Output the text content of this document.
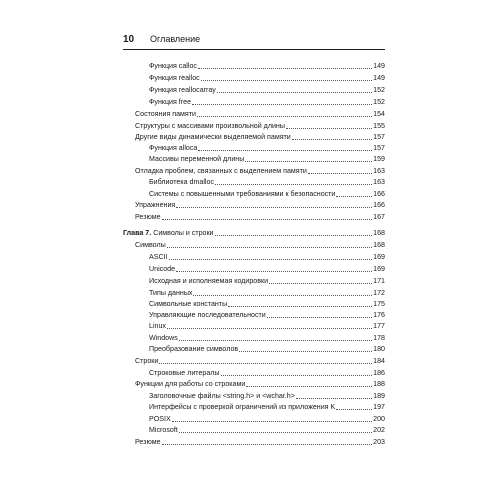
10 Оглавление
Функция calloc	149
Функция realloc	149
Функция reallocarray	152
Функция free	152
Состояния памяти	154
Структуры с массивами произвольной длины	155
Другие виды динамически выделяемой памяти	157
Функция alloca	157
Массивы переменной длины	159
Отладка проблем, связанных с выделением памяти	163
Библиотека dmalloc	163
Системы с повышенными требованиями к безопасности	166
Упражнения	166
Резюме	167
Глава 7. Символы и строки	168
Символы	168
ASCII	169
Unicode	169
Исходная и исполняемая кодировки	171
Типы данных	172
Символьные константы	175
Управляющие последовательности	176
Linux	177
Windows	178
Преобразование символов	180
Строки	184
Строковые литералы	186
Функции для работы со строками	188
Заголовочные файлы <string.h> и <wchar.h>	189
Интерфейсы с проверкой ограничений из приложения K	197
POSIX	200
Microsoft	202
Резюме	203
